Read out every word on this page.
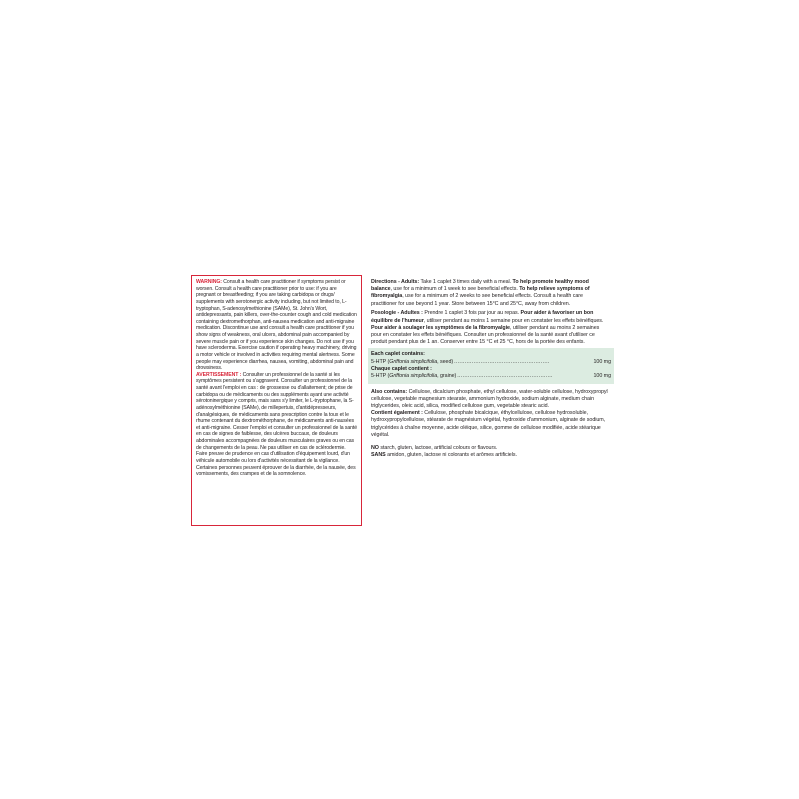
WARNING: Consult a health care practitioner if symptoms persist or worsen. Consult a health care practitioner prior to use: if you are pregnant or breastfeeding; if you are taking carbidopa or drugs/ supplements with serotonergic activity including, but not limited to, L-tryptophan, S-adenosylmethionine (SAMe), St. John's Wort, antidepressants, pain killers, over-the-counter cough and cold medication containing dextromethorphan, anti-nausea medication and anti-migraine medication. Discontinue use and consult a health care practitioner if you show signs of weakness, oral ulcers, abdominal pain accompanied by severe muscle pain or if you experience skin changes. Do not use if you have scleroderma. Exercise caution if operating heavy machinery, driving a motor vehicle or involved in activities requiring mental alertness. Some people may experience diarrhea, nausea, vomiting, abdominal pain and drowsiness.

AVERTISSEMENT : Consulter un professionnel de la santé si les symptômes persistent ou s'aggravent. Consulter un professionnel de la santé avant l'emploi en cas : de grossesse ou d'allaitement; de prise de carbidopa ou de médicaments ou des suppléments ayant une activité sérotoninergique y compris, mais sans s'y limiter, le L-tryptophane, la S-adénosylméthionine (SAMe), de millepertuis, d'antidépresseurs, d'analgésiques, de médicaments sans prescription contre la toux et le rhume contenant du dextrométhorphane, de médicaments anti-nausées et anti-migraine. Cesser l'emploi et consulter un professionnel de la santé en cas de signes de faiblesse, des ulcères buccaux, de douleurs abdominales accompagnées de douleurs musculaires graves ou en cas de changements de la peau. Ne pas utiliser en cas de sclérodermie. Faire preuve de prudence en cas d'utilisation d'équipement lourd, d'un véhicule automobile ou lors d'activités nécessitant de la vigilance. Certaines personnes peuvent éprouver de la diarrhée, de la nausée, des vomissements, des crampes et de la somnolence.

Directions - Adults: Take 1 caplet 3 times daily with a meal. To help promote healthy mood balance, use for a minimum of 1 week to see beneficial effects. To help relieve symptoms of fibromyalgia, use for a minimum of 2 weeks to see beneficial effects. Consult a health care practitioner for use beyond 1 year. Store between 15°C and 25°C, away from children.

Posologie - Adultes : Prendre 1 caplet 3 fois par jour au repas. Pour aider à favoriser un bon équilibre de l'humeur, utiliser pendant au moins 1 semaine pour en constater les effets bénéfiques. Pour aider à soulager les symptômes de la fibromyalgie, utiliser pendant au moins 2 semaines pour en constater les effets bénéfiques. Consulter un professionnel de la santé avant d'utiliser ce produit pendant plus de 1 an. Conserver entre 15 °C et 25 °C, hors de la portée des enfants.

Each caplet contains:

5-HTP (Griffonia simplicifolia, seed) . . .	100 mg

Chaque caplet contient :

5-HTP (Griffonia simplicifolia, graine) . . .	100 mg

Also contains: Cellulose, dicalcium phosphate, ethyl cellulose, water-soluble cellulose, hydroxypropyl cellulose, vegetable magnesium stearate, ammonium hydroxide, sodium alginate, medium chain triglycerides, oleic acid, silica, modified cellulose gum, vegetable stearic acid.

Contient également : Cellulose, phosphate bicalcique, éthylcellulose, cellulose hydrosoluble, hydroxypropylcellulose, stéarate de magnésium végétal, hydroxide d'ammonium, alginate de sodium, triglycérides à chaîne moyenne, acide oléique, silice, gomme de cellulose modifiée, acide stéarique végétal.

NO starch, gluten, lactose, artificial colours or flavours.

SANS amidon, gluten, lactose ni colorants et arômes artificiels.
